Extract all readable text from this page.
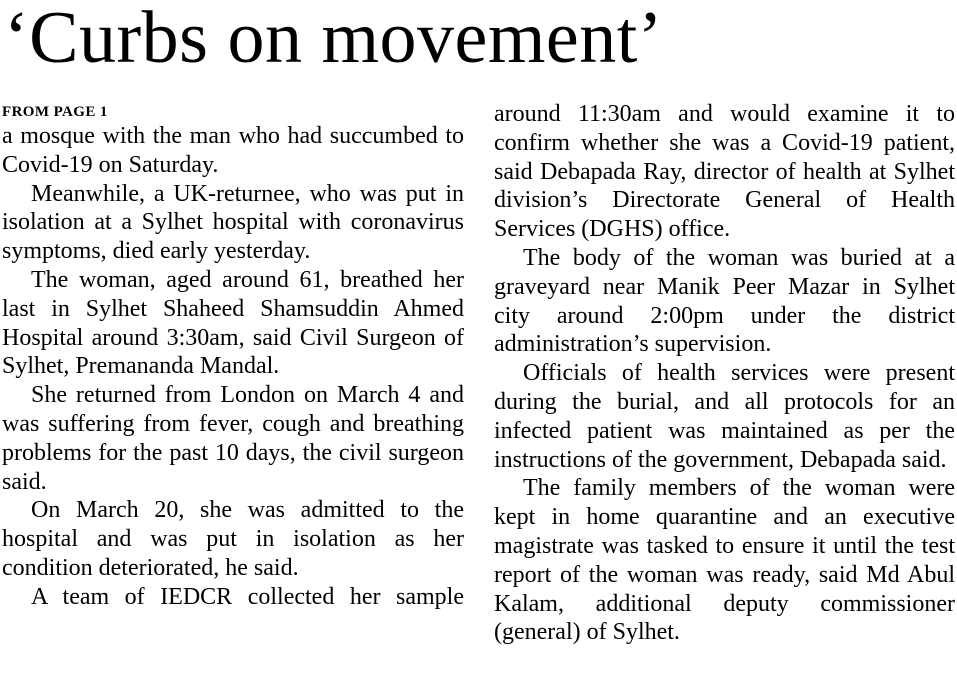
‘Curbs on movement’
FROM PAGE 1

a mosque with the man who had succumbed to Covid-19 on Saturday.

Meanwhile, a UK-returnee, who was put in isolation at a Sylhet hospital with coronavirus symptoms, died early yesterday.

The woman, aged around 61, breathed her last in Sylhet Shaheed Shamsuddin Ahmed Hospital around 3:30am, said Civil Surgeon of Sylhet, Premananda Mandal.

She returned from London on March 4 and was suffering from fever, cough and breathing problems for the past 10 days, the civil surgeon said.

On March 20, she was admitted to the hospital and was put in isolation as her condition deteriorated, he said.

A team of IEDCR collected her sample

around 11:30am and would examine it to confirm whether she was a Covid-19 patient, said Debapada Ray, director of health at Sylhet division’s Directorate General of Health Services (DGHS) office.

The body of the woman was buried at a graveyard near Manik Peer Mazar in Sylhet city around 2:00pm under the district administration’s supervision.

Officials of health services were present during the burial, and all protocols for an infected patient was maintained as per the instructions of the government, Debapada said.

The family members of the woman were kept in home quarantine and an executive magistrate was tasked to ensure it until the test report of the woman was ready, said Md Abul Kalam, additional deputy commissioner (general) of Sylhet.
